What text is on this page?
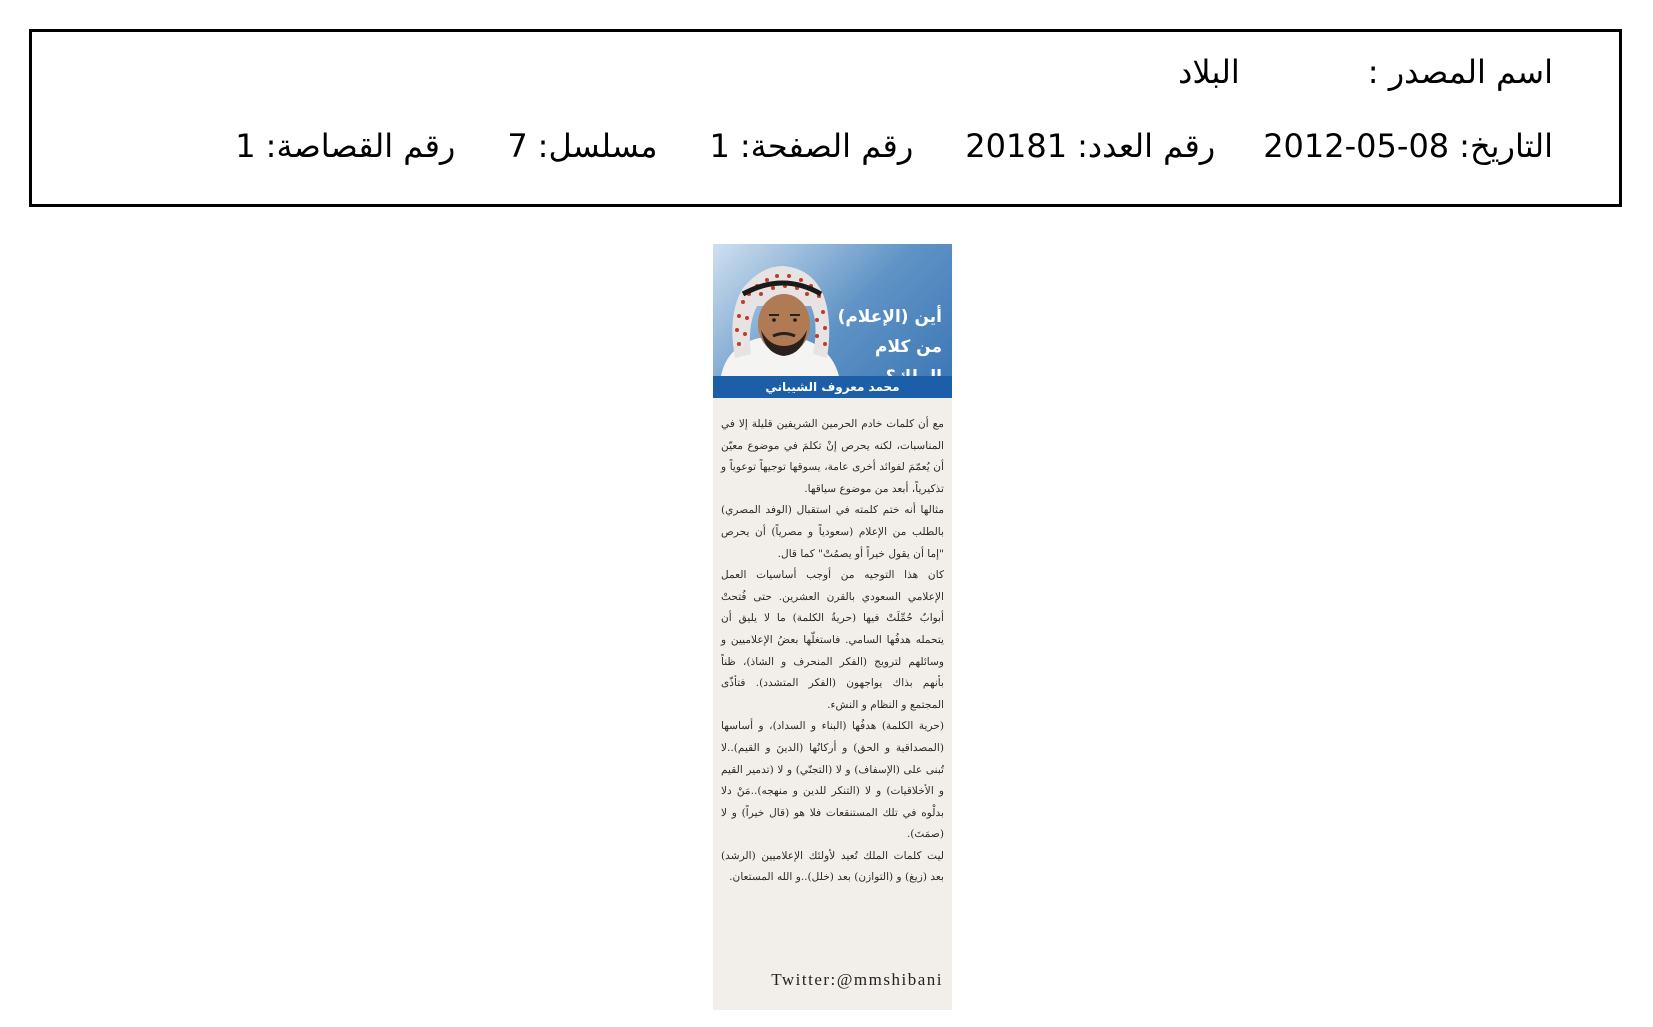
اسم المصدر :
البلاد
التاريخ:
2012-05-08
رقم العدد:
20181
رقم الصفحة:
1
مسلسل:
7
رقم القصاصة:
1
أين (الإعلام) من كلام
محمد معروف الشيباني

مع أن كلمات خادم الحرمين الشريفين قليلة إلا في المناسبات، لكنه يحرص إنْ تكلمَ في موضوع معيّن أن يُعمّمَ لفوائد أخرى عامة، يسوقها توجيهاً توعوياً و تذكيرياً، أبعد من موضوع سياقها.

مثالها أنه ختم كلمته في استقبال (الوفد المصري) بالطلب من الإعلام (سعودياً و مصرياً) أن يحرص "إما أن يقول خيراً أو يصمُتْ" كما قال.

كان هذا التوجيه من أوجب أساسيات العمل الإعلامي السعودي بالقرن العشرين. حتى فُتحتْ أبوابٌ حُمِّلَتْ فيها (حريةُ الكلمة) ما لا يليق أن يتحمله هدفُها السامي. فاستغلّها بعضُ الإعلاميين و وسائلهم لترويج (الفكر المنحرف و الشاذ)، ظناً بأنهم بذاك يواجهون (الفكر المتشدد). فتأذّى المجتمع و النظام و النشء.

(حرية الكلمة) هدفُها (البناء و السداد)، و أساسها (المصداقية و الحق) و أركانُها (الدينَ و القيم)..لا تُبنى على (الإسفاف) و لا (التجنّي) و لا (تدمير القيم و الأخلاقيات) و لا (التنكر للدين و منهجه)..مَنْ دلا بدلْوه في تلك المستنقعات فلا هو (قال خيراً) و لا (صمَتَ).

ليت كلمات الملك تُعيد لأولئك الإعلاميين (الرشد) بعد (زيغ) و (التوازن) بعد (خلل)..و الله المستعان.

Twitter:@mmshibani
